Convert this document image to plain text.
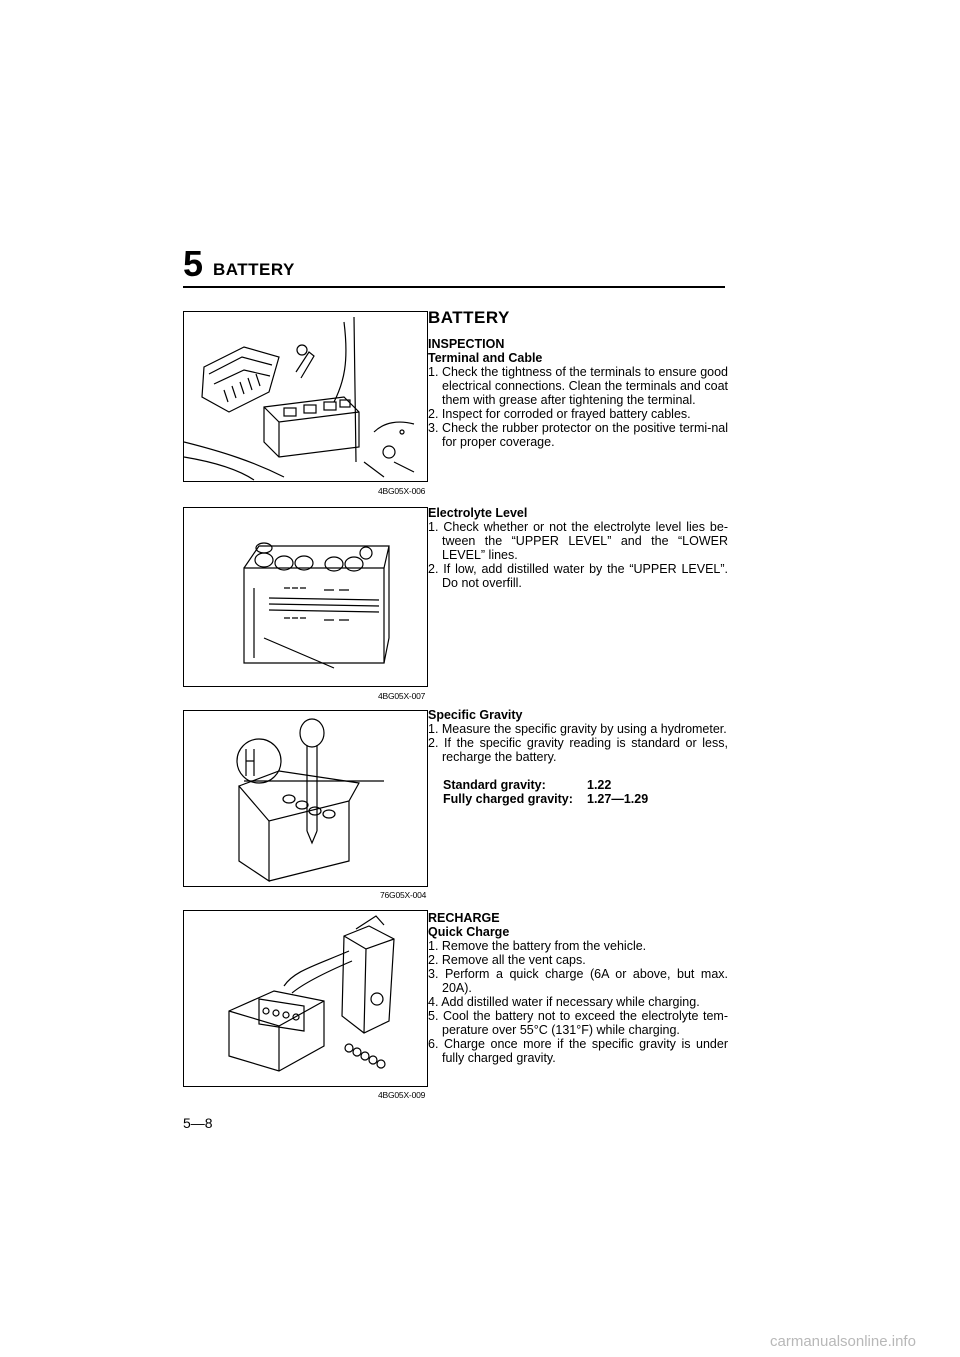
5 BATTERY
4BG05X-006
4BG05X-007
76G05X-004
4BG05X-009
BATTERY
INSPECTION
Terminal and Cable
1. Check the tightness of the terminals to ensure good electrical connections. Clean the terminals and coat them with grease after tightening the terminal.
2. Inspect for corroded or frayed battery cables.
3. Check the rubber protector on the positive termi-nal for proper coverage.
Electrolyte Level
1. Check whether or not the electrolyte level lies be-tween the “UPPER LEVEL” and the “LOWER LEVEL” lines.
2. If low, add distilled water by the “UPPER LEVEL”. Do not overfill.
Specific Gravity
1. Measure the specific gravity by using a hydrometer.
2. If the specific gravity reading is standard or less, recharge the battery.
Standard gravity:	1.22
Fully charged gravity:	1.27—1.29
RECHARGE
Quick Charge
1. Remove the battery from the vehicle.
2. Remove all the vent caps.
3. Perform a quick charge (6A or above, but max. 20A).
4. Add distilled water if necessary while charging.
5. Cool the battery not to exceed the electrolyte tem-perature over 55°C (131°F) while charging.
6. Charge once more if the specific gravity is under fully charged gravity.
5—8
carmanualsonline.info
